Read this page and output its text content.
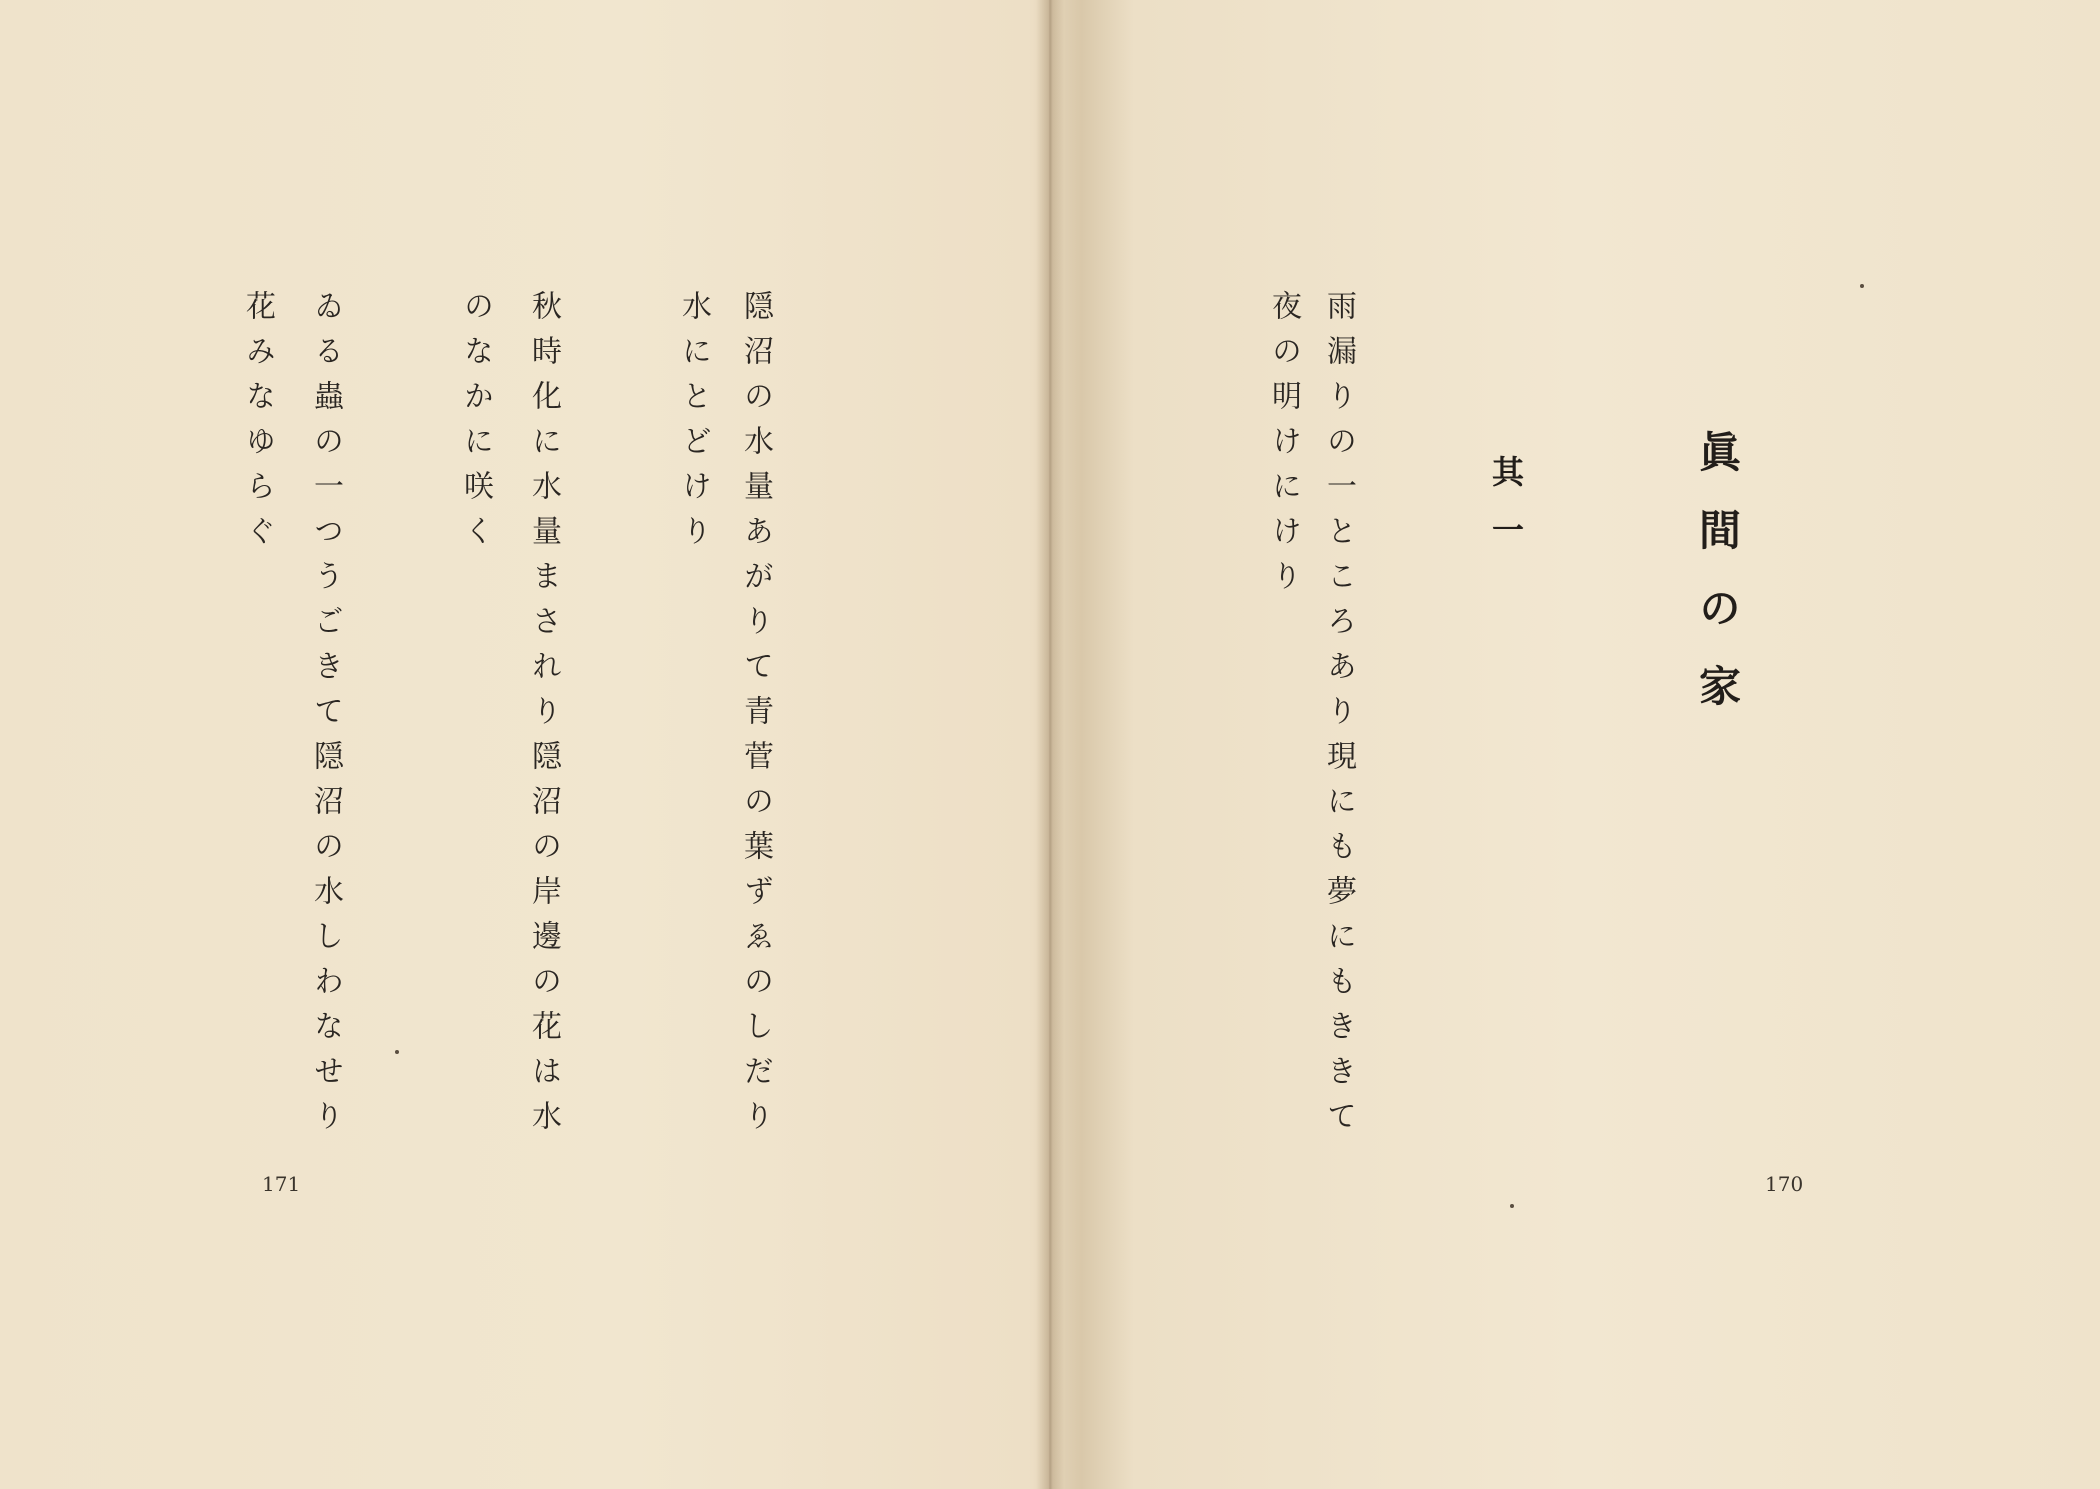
隠沼の水量あがりて青菅の葉ずゑのしだり
水にとどけり
秋時化に水量まされり隠沼の岸邊の花は水
のなかに咲く
ゐる蟲の一つうごきて隠沼の水しわなせり
花みなゆらぐ
171
眞間の家
其一
雨漏りの一ところあり現にも夢にもききて
夜の明けにけり
170
